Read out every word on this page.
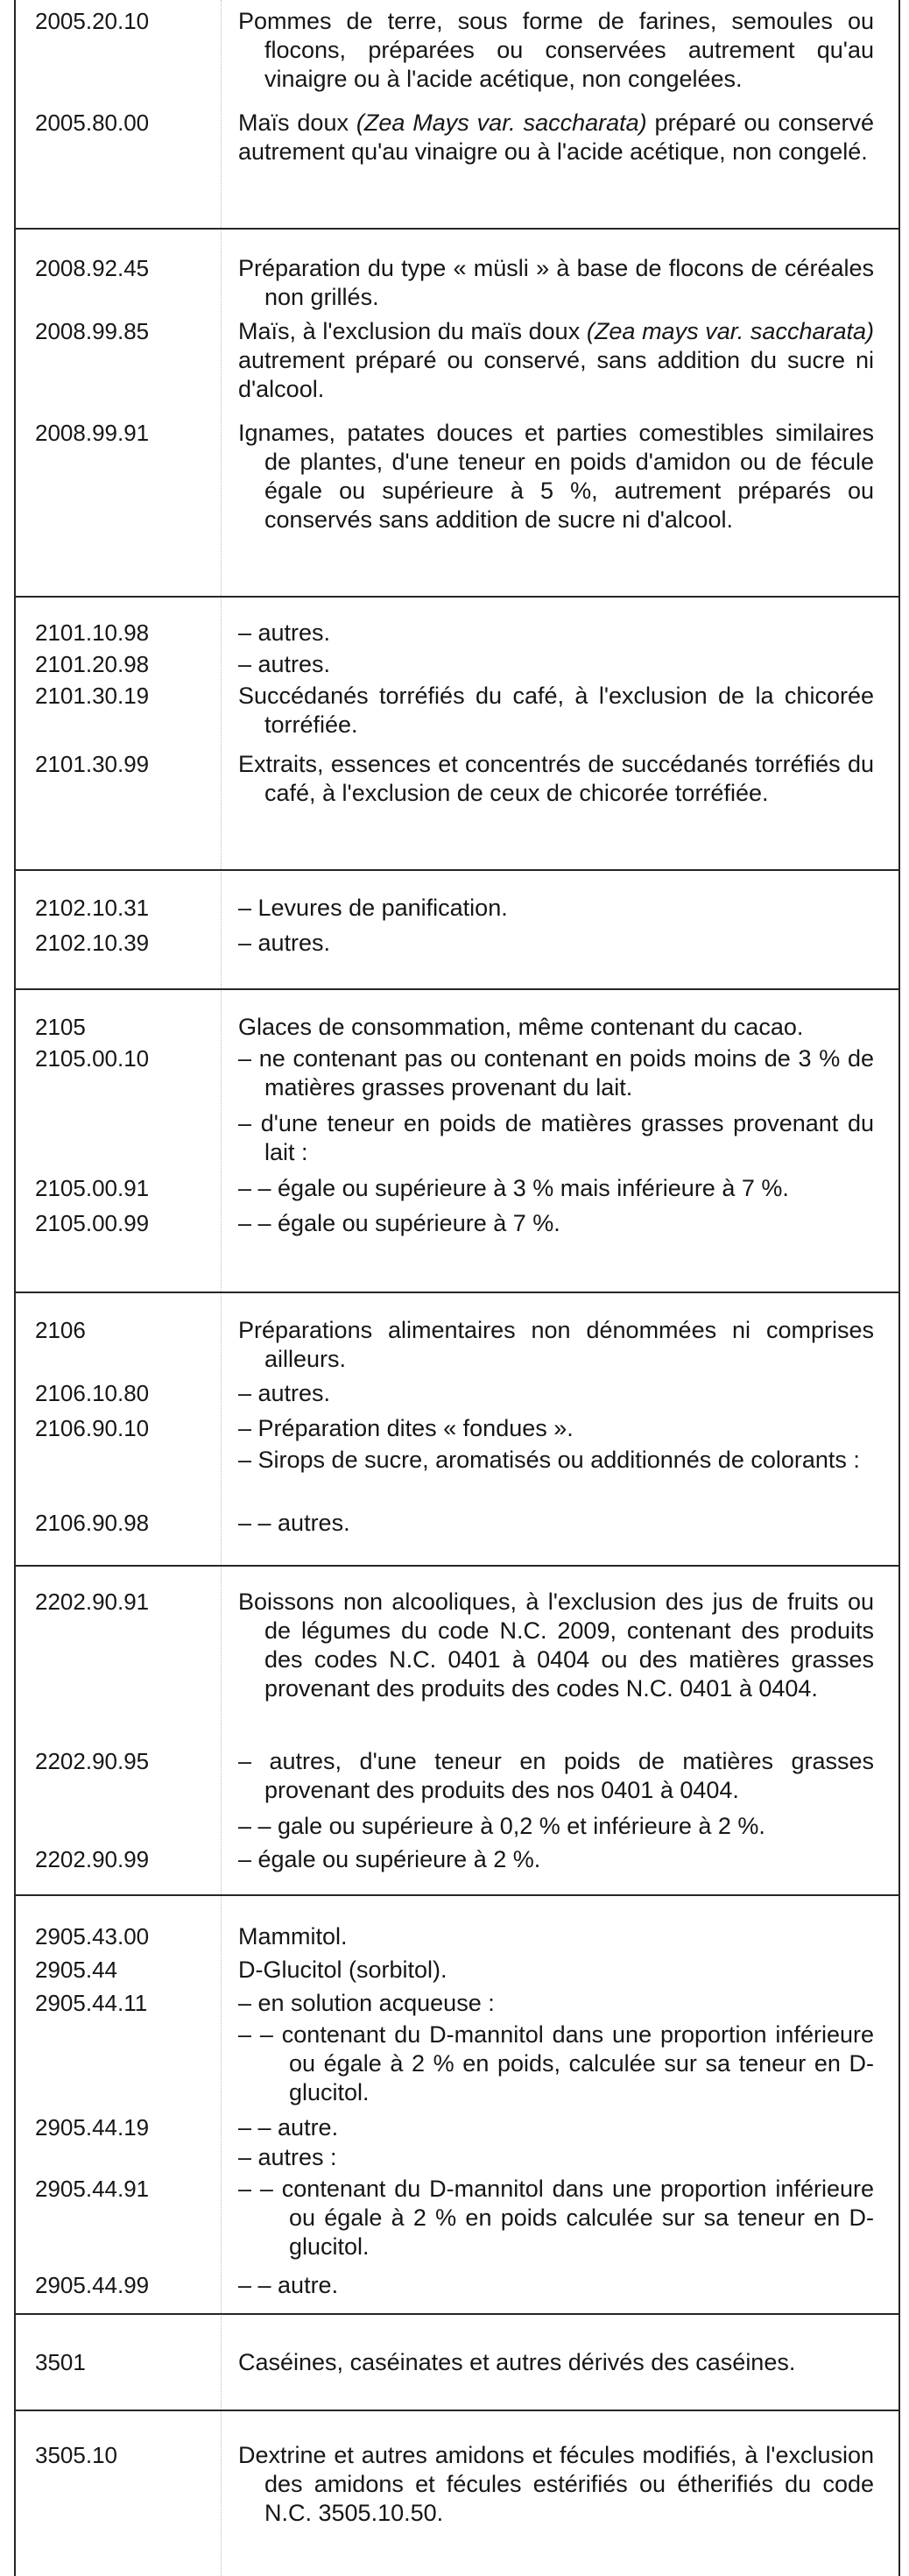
2005.20.10	Pommes de terre, sous forme de farines, semoules ou flocons, préparées ou conservées autrement qu'au vinaigre ou à l'acide acétique, non congelées.
2005.80.00	Maïs doux (Zea Mays var. saccharata) préparé ou conservé autrement qu'au vinaigre ou à l'acide acétique, non congelé.
2008.92.45	Préparation du type « müsli » à base de flocons de céréales non grillés.
2008.99.85	Maïs, à l'exclusion du maïs doux (Zea mays var. saccharata) autrement préparé ou conservé, sans addition du sucre ni d'alcool.
2008.99.91	Ignames, patates douces et parties comestibles similaires de plantes, d'une teneur en poids d'amidon ou de fécule égale ou supérieure à 5 %, autrement préparés ou conservés sans addition de sucre ni d'alcool.
2101.10.98	– autres.
2101.20.98	– autres.
2101.30.19	Succédanés torréfiés du café, à l'exclusion de la chicorée torréfiée.
2101.30.99	Extraits, essences et concentrés de succédanés torréfiés du café, à l'exclusion de ceux de chicorée torréfiée.
2102.10.31	– Levures de panification.
2102.10.39	– autres.
2105	Glaces de consommation, même contenant du cacao.
2105.00.10	– ne contenant pas ou contenant en poids moins de 3 % de matières grasses provenant du lait.
– d'une teneur en poids de matières grasses provenant du lait :
2105.00.91	– – égale ou supérieure à 3 % mais inférieure à 7 %.
2105.00.99	– – égale ou supérieure à 7 %.
2106	Préparations alimentaires non dénommées ni comprises ailleurs.
2106.10.80	– autres.
2106.90.10	– Préparation dites « fondues ».
– Sirops de sucre, aromatisés ou additionnés de colorants :
2106.90.98	– – autres.
2202.90.91	Boissons non alcooliques, à l'exclusion des jus de fruits ou de légumes du code N.C. 2009, contenant des produits des codes N.C. 0401 à 0404 ou des matières grasses provenant des produits des codes N.C. 0401 à 0404.
2202.90.95	– autres, d'une teneur en poids de matières grasses provenant des produits des nos 0401 à 0404.
– – gale ou supérieure à 0,2 % et inférieure à 2 %.
2202.90.99	– égale ou supérieure à 2 %.
2905.43.00	Mammitol.
2905.44	D-Glucitol (sorbitol).
2905.44.11	– en solution acqueuse :
– – contenant du D-mannitol dans une proportion inférieure ou égale à 2 % en poids, calculée sur sa teneur en D-glucitol.
2905.44.19	– – autre.
– autres :
2905.44.91	– – contenant du D-mannitol dans une proportion inférieure ou égale à 2 % en poids calculée sur sa teneur en D-glucitol.
2905.44.99	– – autre.
3501	Caséines, caséinates et autres dérivés des caséines.
3505.10	Dextrine et autres amidons et fécules modifiés, à l'exclusion des amidons et fécules estérifiés ou étherifiés du code N.C. 3505.10.50.
